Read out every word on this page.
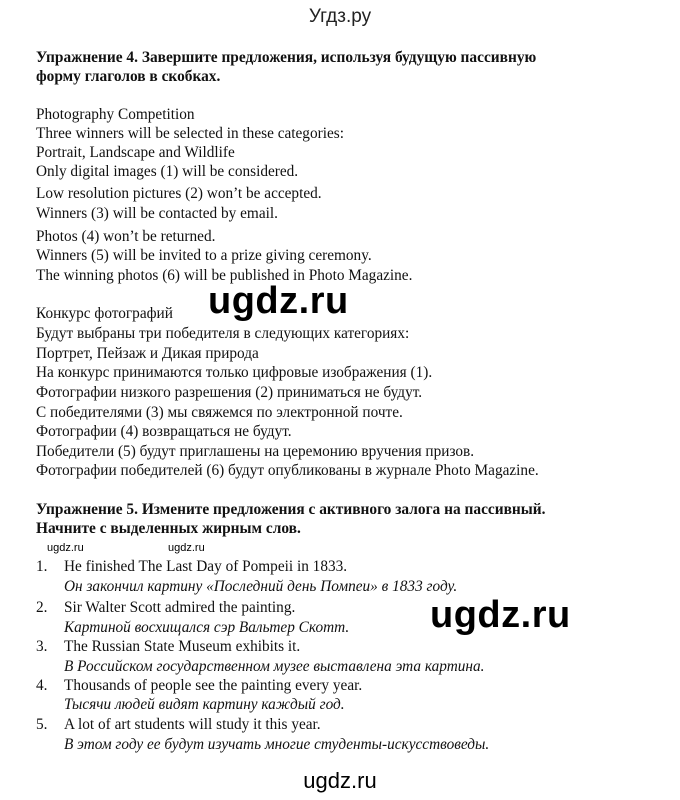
Угдз.ру
Упражнение 4. Завершите предложения, используя будущую пассивную
форму глаголов в скобках.
Photography Competition
Three winners will be selected in these categories:
Portrait, Landscape and Wildlife
Only digital images (1) will be considered.
Low resolution pictures (2) won’t be accepted.
Winners (3) will be contacted by email.
Photos (4) won’t be returned.
Winners (5) will be invited to a prize giving ceremony.
The winning photos (6) will be published in Photo Magazine.
Конкурс фотографий
Будут выбраны три победителя в следующих категориях:
Портрет, Пейзаж и Дикая природа
На конкурс принимаются только цифровые изображения (1).
Фотографии низкого разрешения (2) приниматься не будут.
С победителями (3) мы свяжемся по электронной почте.
Фотографии (4) возвращаться не будут.
Победители (5) будут приглашены на церемонию вручения призов.
Фотографии победителей (6) будут опубликованы в журнале Photo Magazine.
ugdz.ru
Упражнение 5. Измените предложения с активного залога на пассивный.
Начните с выделенных жирным слов.
ugdz.ru	ugdz.ru
1. He finished The Last Day of Pompeii in 1833.
Он закончил картину «Последний день Помпеи» в 1833 году.
2. Sir Walter Scott admired the painting.
Картиной восхищался сэр Вальтер Скотт.
3. The Russian State Museum exhibits it.
В Российском государственном музее выставлена эта картина.
4. Thousands of people see the painting every year.
Тысячи людей видят картину каждый год.
5. A lot of art students will study it this year.
В этом году ее будут изучать многие студенты-искусствоведы.
ugdz.ru
ugdz.ru
